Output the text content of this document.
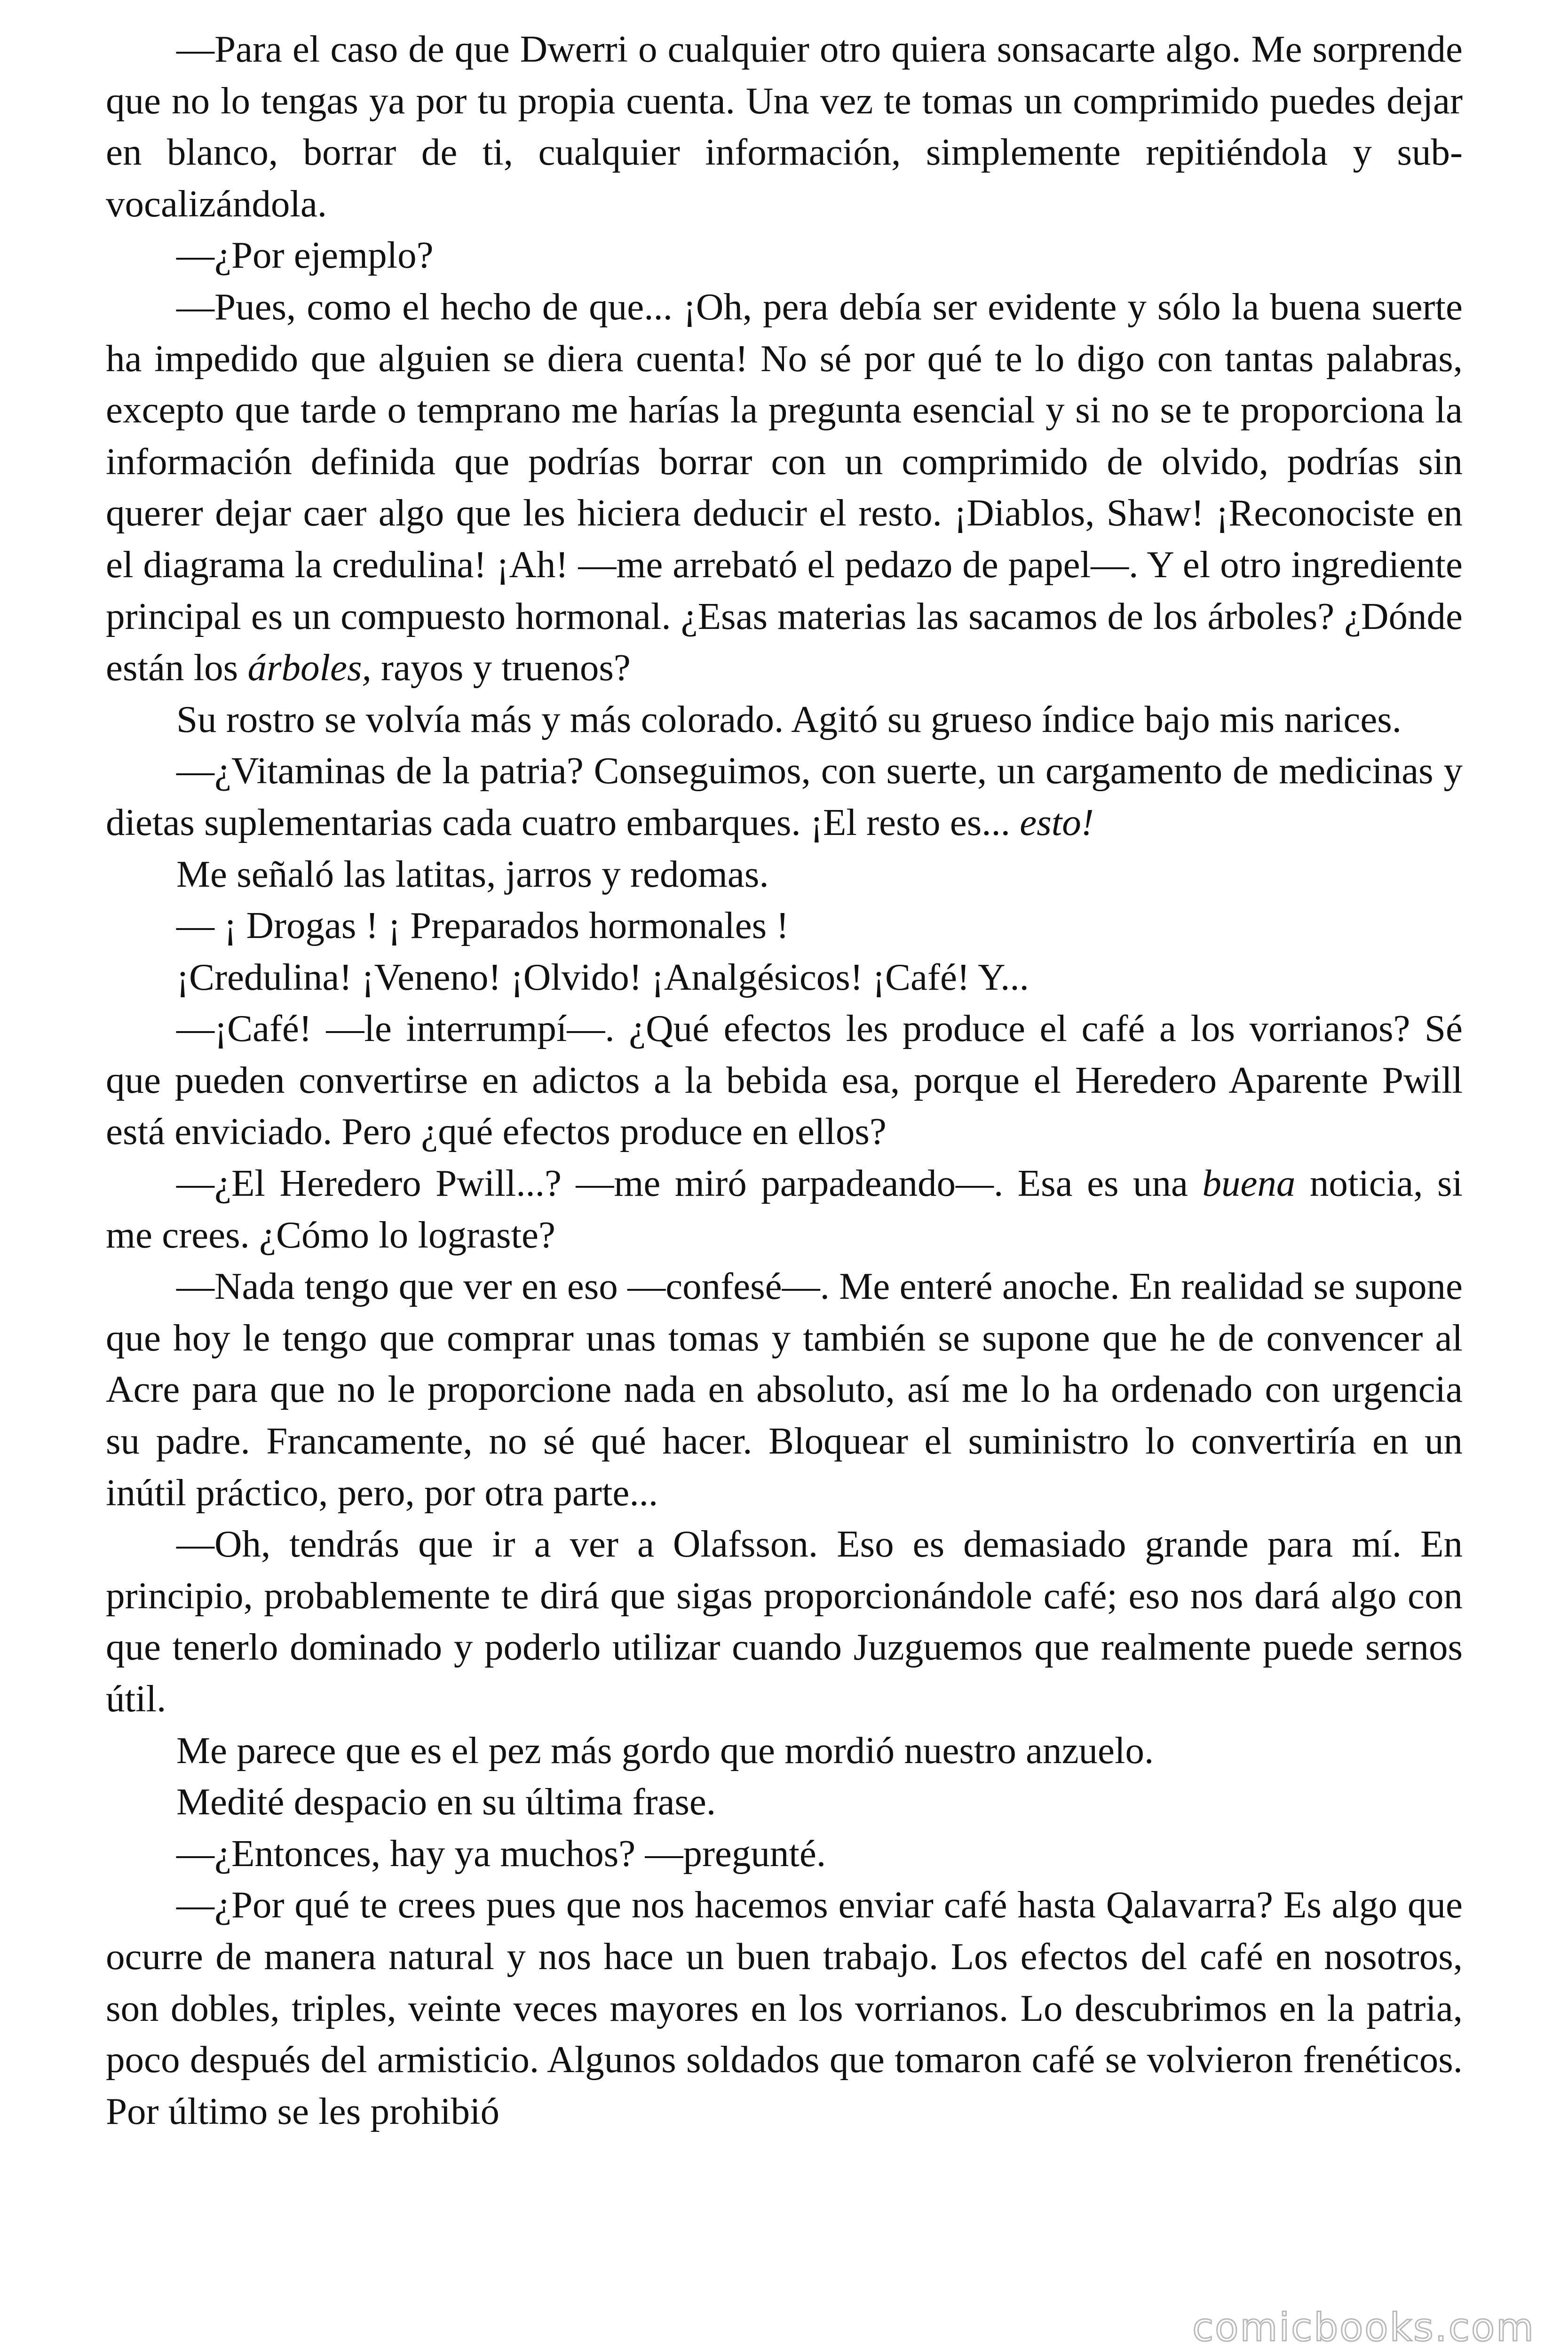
—Para el caso de que Dwerri o cualquier otro quiera sonsacarte algo. Me sorprende que no lo tengas ya por tu propia cuenta. Una vez te tomas un comprimido puedes dejar en blanco, borrar de ti, cualquier información, simplemente repitiéndola y sub-vocalizándola.

—¿Por ejemplo?

—Pues, como el hecho de que... ¡Oh, pera debía ser evidente y sólo la buena suerte ha impedido que alguien se diera cuenta! No sé por qué te lo digo con tantas palabras, excepto que tarde o temprano me harías la pregunta esencial y si no se te proporciona la información definida que podrías borrar con un comprimido de olvido, podrías sin querer dejar caer algo que les hiciera deducir el resto. ¡Diablos, Shaw! ¡Reconociste en el diagrama la credulina! ¡Ah! —me arrebató el pedazo de papel—. Y el otro ingrediente principal es un compuesto hormonal. ¿Esas materias las sacamos de los árboles? ¿Dónde están los árboles, rayos y truenos?

Su rostro se volvía más y más colorado. Agitó su grueso índice bajo mis narices.

—¿Vitaminas de la patria? Conseguimos, con suerte, un cargamento de medicinas y dietas suplementarias cada cuatro embarques. ¡El resto es... esto!

Me señaló las latitas, jarros y redomas.

— ¡ Drogas ! ¡ Preparados hormonales !

¡Credulina! ¡Veneno! ¡Olvido! ¡Analgésicos! ¡Café! Y...

—¡Café! —le interrumpí—. ¿Qué efectos les produce el café a los vorrianos? Sé que pueden convertirse en adictos a la bebida esa, porque el Heredero Aparente Pwill está enviciado. Pero ¿qué efectos produce en ellos?

—¿El Heredero Pwill...? —me miró parpadeando—. Esa es una buena noticia, si me crees. ¿Cómo lo lograste?

—Nada tengo que ver en eso —confesé—. Me enteré anoche. En realidad se supone que hoy le tengo que comprar unas tomas y también se supone que he de convencer al Acre para que no le proporcione nada en absoluto, así me lo ha ordenado con urgencia su padre. Francamente, no sé qué hacer. Bloquear el suministro lo convertiría en un inútil práctico, pero, por otra parte...

—Oh, tendrás que ir a ver a Olafsson. Eso es demasiado grande para mí. En principio, probablemente te dirá que sigas proporcionándole café; eso nos dará algo con que tenerlo dominado y poderlo utilizar cuando Juzguemos que realmente puede sernos útil.

Me parece que es el pez más gordo que mordió nuestro anzuelo.

Medité despacio en su última frase.

—¿Entonces, hay ya muchos? —pregunté.

—¿Por qué te crees pues que nos hacemos enviar café hasta Qalavarra? Es algo que ocurre de manera natural y nos hace un buen trabajo. Los efectos del café en nosotros, son dobles, triples, veinte veces mayores en los vorrianos. Lo descubrimos en la patria, poco después del armisticio. Algunos soldados que tomaron café se volvieron frenéticos. Por último se les prohibió

comicbooks.com
